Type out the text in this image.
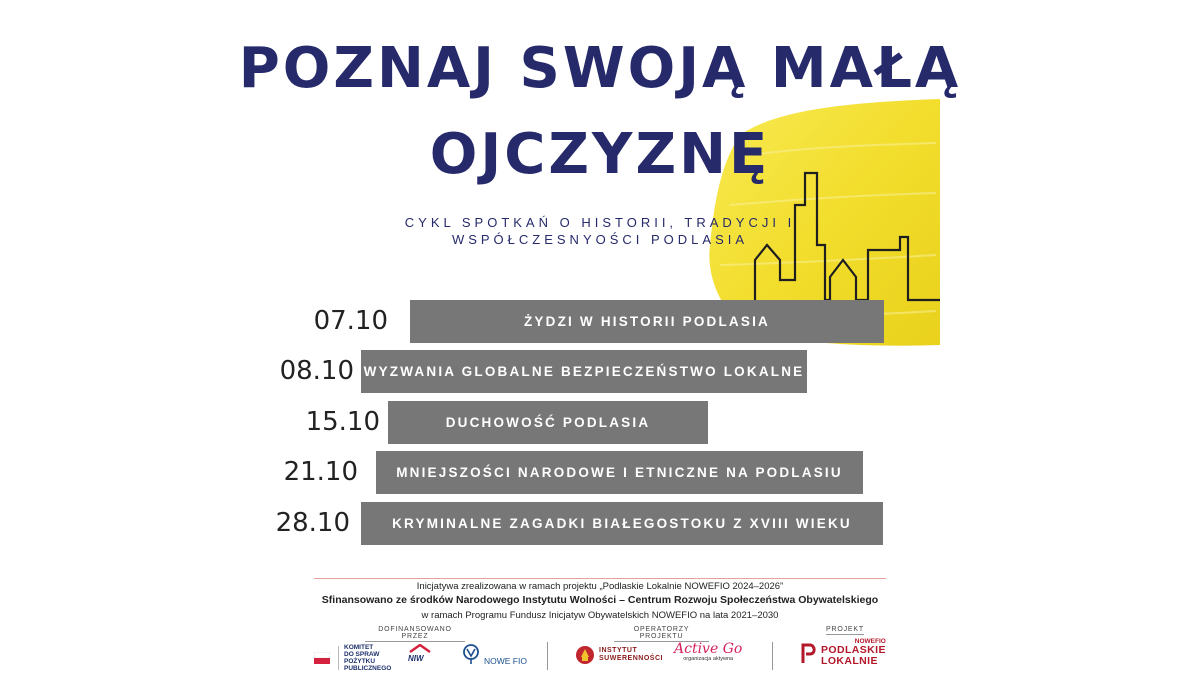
POZNAJ SWOJĄ MAŁĄ
OJCZYZNĘ

CYKL SPOTKAŃ O HISTORII, TRADYCJI I

WSPÓŁCZESNYOŚCI PODLASIA

07.10	ŻYDZI W HISTORII PODLASIA
08.10 WYZWANIA GLOBALNE BEZPIECZEŃSTWO LOKALNE
15.10	DUCHOWOŚĆ PODLASIA
21.10	MNIEJSZOŚCI NARODOWE I ETNICZNE NA PODLASIU
28.10	KRYMINALNE ZAGADKI BIAŁEGOSTOKU Z XVIII WIEKU

Inicjatywa zrealizowana w ramach projektu „Podlaskie Lokalnie NOWEFIO 2024–2026”

Sfinansowano ze środków Narodowego Instytutu Wolności – Centrum Rozwoju Społeczeństwa Obywatelskiego

w ramach Programu Fundusz Inicjatyw Obywatelskich NOWEFIO na lata 2021–2030

DOFINANSOWANO PRZEZ
OPERATORZY PROJEKTU
PROJEKT
KOMITET
DO SPRAW
POŻYTKU
PUBLICZNEGO
NIW	NOWE FIO
INSTYTUT
SUWERENNOŚCI
Active Go
organizacja aktywna
NOWEFIO
PODLASKIE
LOKALNIE
